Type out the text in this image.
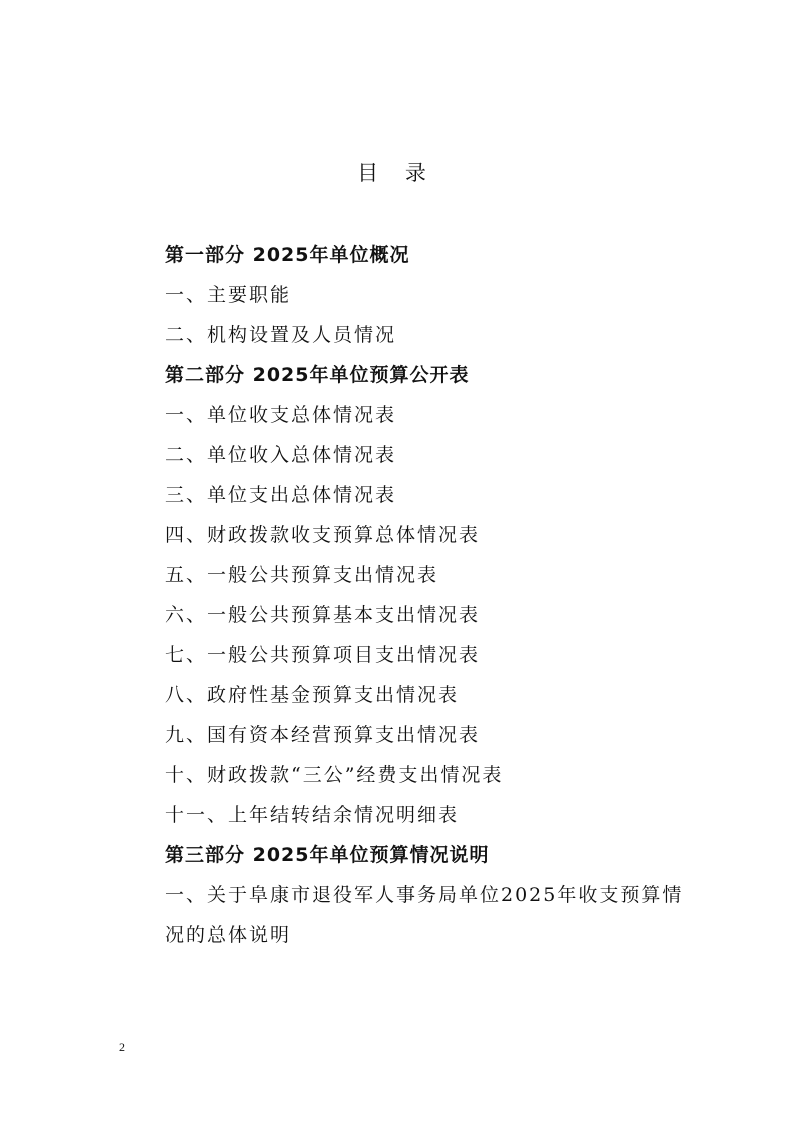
目 录
第一部分 2025年单位概况
一、主要职能
二、机构设置及人员情况
第二部分 2025年单位预算公开表
一、单位收支总体情况表
二、单位收入总体情况表
三、单位支出总体情况表
四、财政拨款收支预算总体情况表
五、一般公共预算支出情况表
六、一般公共预算基本支出情况表
七、一般公共预算项目支出情况表
八、政府性基金预算支出情况表
九、国有资本经营预算支出情况表
十、财政拨款“三公”经费支出情况表
十一、上年结转结余情况明细表
第三部分 2025年单位预算情况说明
一、关于阜康市退役军人事务局单位2025年收支预算情况的总体说明
2
